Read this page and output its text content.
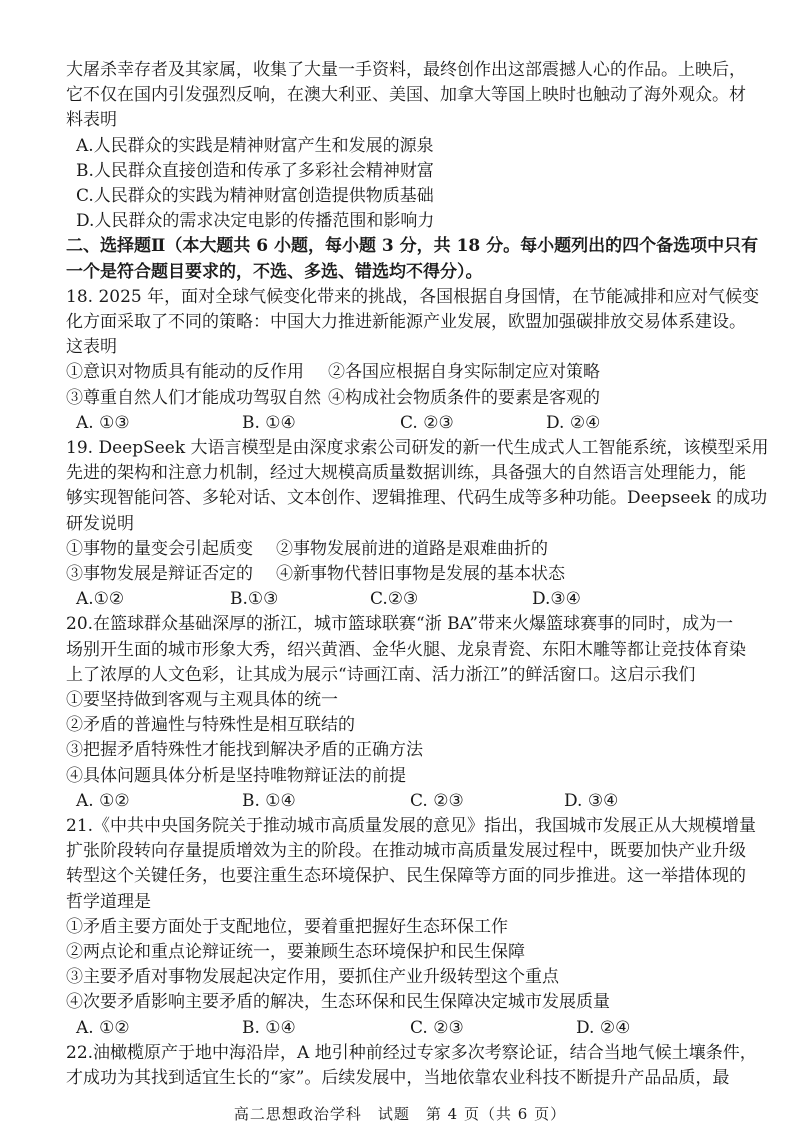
大屠杀幸存者及其家属，收集了大量一手资料，最终创作出这部震撼人心的作品。上映后，
它不仅在国内引发强烈反响，在澳大利亚、美国、加拿大等国上映时也触动了海外观众。材
料表明
A.人民群众的实践是精神财富产生和发展的源泉
B.人民群众直接创造和传承了多彩社会精神财富
C.人民群众的实践为精神财富创造提供物质基础
D.人民群众的需求决定电影的传播范围和影响力
二、选择题Ⅱ（本大题共 6 小题，每小题 3 分，共 18 分。每小题列出的四个备选项中只有
一个是符合题目要求的，不选、多选、错选均不得分）。
18. 2025 年，面对全球气候变化带来的挑战，各国根据自身国情，在节能减排和应对气候变
化方面采取了不同的策略：中国大力推进新能源产业发展，欧盟加强碳排放交易体系建设。
这表明
①意识对物质具有能动的反作用 ②各国应根据自身实际制定应对策略
③尊重自然人们才能成功驾驭自然 ④构成社会物质条件的要素是客观的
A. ①③	B. ①④	C. ②③	D. ②④
19. DeepSeek 大语言模型是由深度求索公司研发的新一代生成式人工智能系统，该模型采用
先进的架构和注意力机制，经过大规模高质量数据训练，具备强大的自然语言处理能力，能
够实现智能问答、多轮对话、文本创作、逻辑推理、代码生成等多种功能。Deepseek 的成功
研发说明
①事物的量变会引起质变 ②事物发展前进的道路是艰难曲折的
③事物发展是辩证否定的 ④新事物代替旧事物是发展的基本状态
A.①②	B.①③	C.②③	D.③④
20.在篮球群众基础深厚的浙江，城市篮球联赛“浙 BA”带来火爆篮球赛事的同时，成为一
场别开生面的城市形象大秀，绍兴黄酒、金华火腿、龙泉青瓷、东阳木雕等都让竞技体育染
上了浓厚的人文色彩，让其成为展示“诗画江南、活力浙江”的鲜活窗口。这启示我们
①要坚持做到客观与主观具体的统一
②矛盾的普遍性与特殊性是相互联结的
③把握矛盾特殊性才能找到解决矛盾的正确方法
④具体问题具体分析是坚持唯物辩证法的前提
A. ①②	B. ①④	C. ②③	D. ③④
21.《中共中央国务院关于推动城市高质量发展的意见》指出，我国城市发展正从大规模增量
扩张阶段转向存量提质增效为主的阶段。在推动城市高质量发展过程中，既要加快产业升级
转型这个关键任务，也要注重生态环境保护、民生保障等方面的同步推进。这一举措体现的
哲学道理是
①矛盾主要方面处于支配地位，要着重把握好生态环保工作
②两点论和重点论辩证统一，要兼顾生态环境保护和民生保障
③主要矛盾对事物发展起决定作用，要抓住产业升级转型这个重点
④次要矛盾影响主要矛盾的解决，生态环保和民生保障决定城市发展质量
A. ①②	B. ①④	C. ②③	D. ②④
22.油橄榄原产于地中海沿岸，A 地引种前经过专家多次考察论证，结合当地气候土壤条件，
才成功为其找到适宜生长的“家”。后续发展中，当地依靠农业科技不断提升产品品质，最
高二思想政治学科　试题　第 4 页（共 6 页）
